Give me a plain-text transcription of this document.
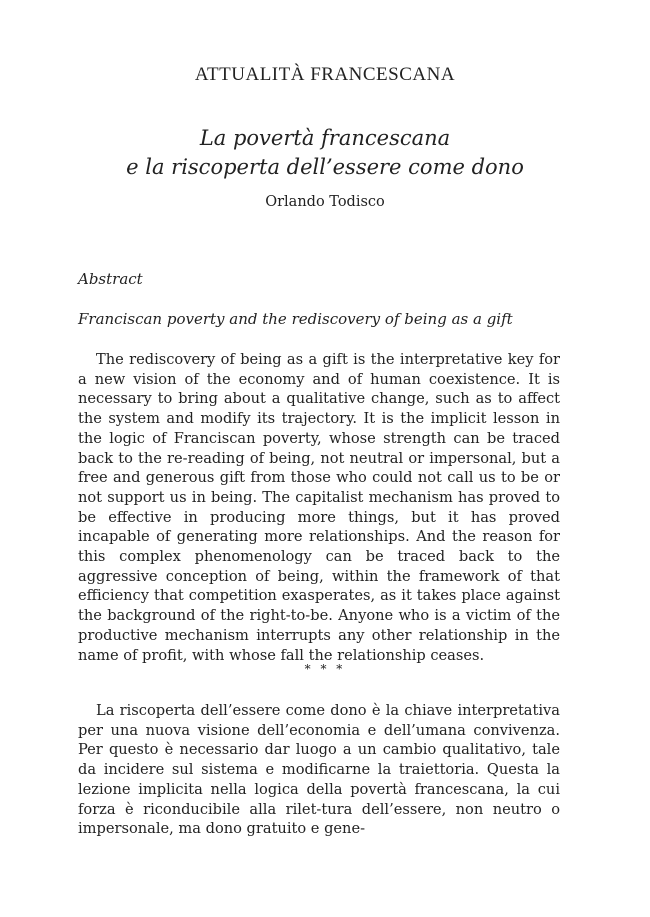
ATTUALITÀ FRANCESCANA
La povertà francescana
e la riscoperta dell’essere come dono
Orlando Todisco
Abstract
Franciscan poverty and the rediscovery of being as a gift
The rediscovery of being as a gift is the interpretative key for a new vision of the economy and of human coexistence. It is necessary to bring about a qualitative change, such as to affect the system and modify its trajectory. It is the implicit lesson in the logic of Franciscan poverty, whose strength can be traced back to the re-reading of being, not neutral or impersonal, but a free and generous gift from those who could not call us to be or not support us in being. The capitalist mechanism has proved to be effective in producing more things, but it has proved incapable of generating more relationships. And the reason for this complex phenomenology can be traced back to the aggressive conception of being, within the framework of that efficiency that competition exasperates, as it takes place against the background of the right-to-be. Anyone who is a victim of the productive mechanism interrupts any other relationship in the name of profit, with whose fall the relationship ceases.
* * *
La riscoperta dell’essere come dono è la chiave interpretativa per una nuova visione dell’economia e dell’umana convivenza. Per questo è necessario dar luogo a un cambio qualitativo, tale da incidere sul sistema e modificarne la traiettoria. Questa la lezione implicita nella logica della povertà francescana, la cui forza è riconducibile alla rilet-tura dell’essere, non neutro o impersonale, ma dono gratuito e gene-
